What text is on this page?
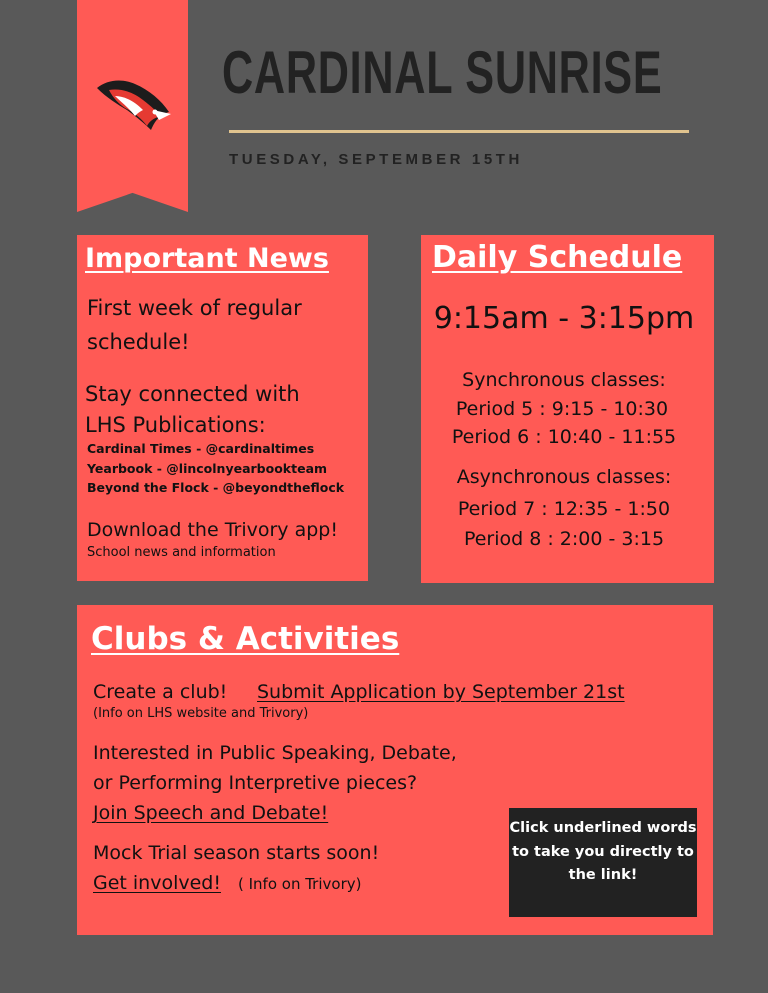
CARDINAL SUNRISE
TUESDAY, SEPTEMBER 15TH
Important News
First week of regular
schedule!
Stay connected with
LHS Publications:
Cardinal Times - @cardinaltimes
Yearbook - @lincolnyearbookteam
Beyond the Flock - @beyondtheflock
Download the Trivory app!
School news and information
Daily Schedule
9:15am - 3:15pm
Synchronous classes:
Period 5 : 9:15 - 10:30
Period 6 : 10:40 - 11:55
Asynchronous classes:
Period 7 : 12:35 - 1:50
Period 8 : 2:00 - 3:15
Clubs & Activities
Create a club! Submit Application by September 21st
(Info on LHS website and Trivory)
Interested in Public Speaking, Debate,
or Performing Interpretive pieces?
Join Speech and Debate!
Mock Trial season starts soon!
Get involved! ( Info on Trivory)
Click underlined words to take you directly to the link!
